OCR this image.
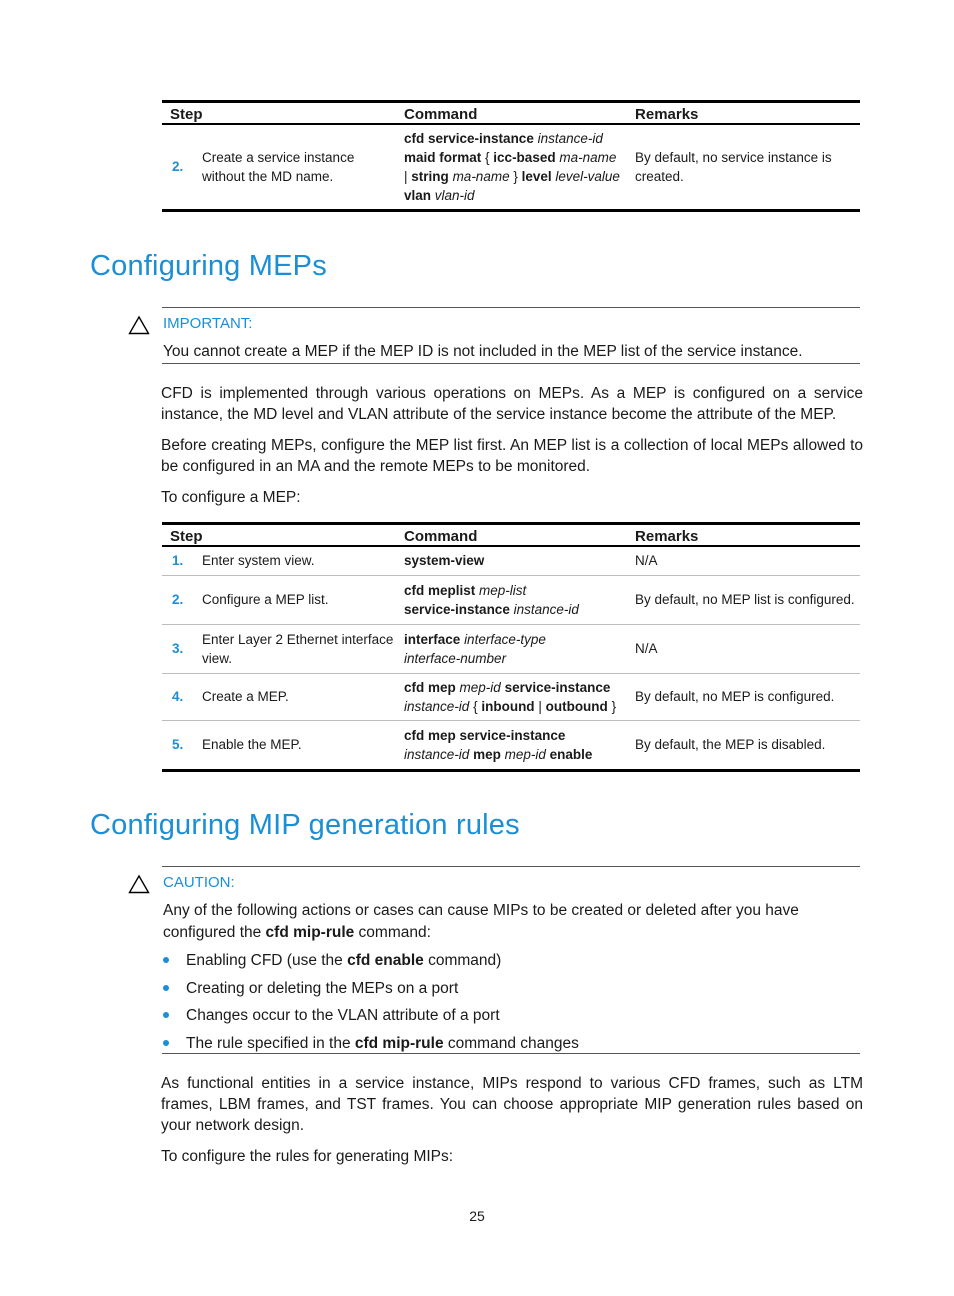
Step		Command	Remarks
2.	Create a service instance without the MD name.	cfd service-instance instance-id
maid format { icc-based ma-name
| string ma-name } level level-value
vlan vlan-id	By default, no service instance is created.
Configuring MEPs
IMPORTANT:
You cannot create a MEP if the MEP ID is not included in the MEP list of the service instance.

CFD is implemented through various operations on MEPs. As a MEP is configured on a service instance, the MD level and VLAN attribute of the service instance become the attribute of the MEP.

Before creating MEPs, configure the MEP list first. An MEP list is a collection of local MEPs allowed to be configured in an MA and the remote MEPs to be monitored.

To configure a MEP:

Step		Command	Remarks
1.	Enter system view.	system-view	N/A
2.	Configure a MEP list.	cfd meplist mep-list
service-instance instance-id	By default, no MEP list is configured.
3.	Enter Layer 2 Ethernet interface view.	interface interface-type
interface-number	N/A
4.	Create a MEP.	cfd mep mep-id service-instance
instance-id { inbound | outbound }	By default, no MEP is configured.
5.	Enable the MEP.	cfd mep service-instance
instance-id mep mep-id enable	By default, the MEP is disabled.
Configuring MIP generation rules
CAUTION:
Any of the following actions or cases can cause MIPs to be created or deleted after you have configured the cfd mip-rule command:
Enabling CFD (use the cfd enable command)
Creating or deleting the MEPs on a port
Changes occur to the VLAN attribute of a port
The rule specified in the cfd mip-rule command changes

As functional entities in a service instance, MIPs respond to various CFD frames, such as LTM frames, LBM frames, and TST frames. You can choose appropriate MIP generation rules based on your network design.

To configure the rules for generating MIPs:

25
